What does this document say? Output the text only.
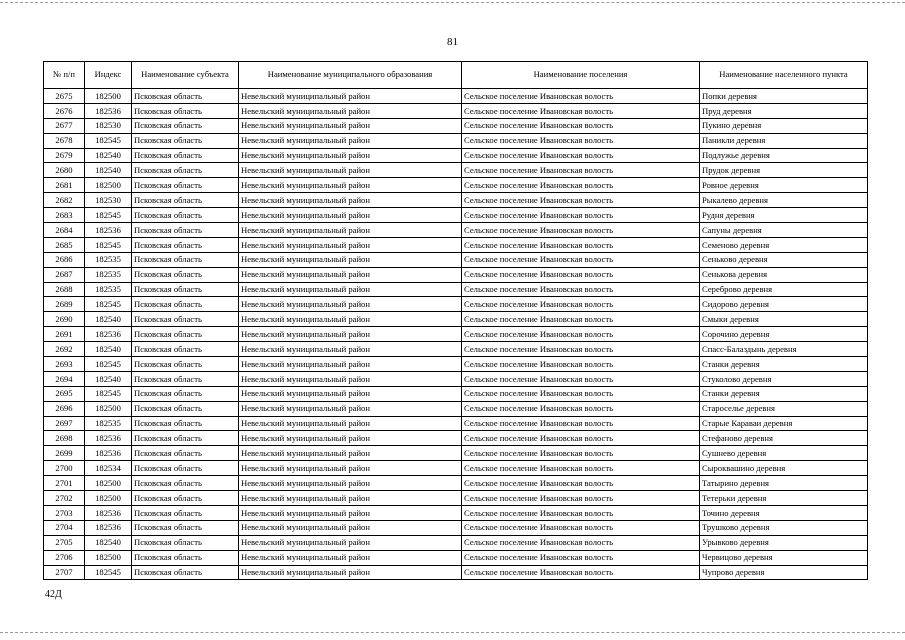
81
№ п/п	Индекс	Наименование субъекта	Наименование муниципального образования	Наименование поселения	Наименование населенного пункта
2675	182500	Псковская область	Невельский муниципальный район	Сельское поселение Ивановская волость	Попки деревня
2676	182536	Псковская область	Невельский муниципальный район	Сельское поселение Ивановская волость	Пруд деревня
2677	182530	Псковская область	Невельский муниципальный район	Сельское поселение Ивановская волость	Пукино деревня
2678	182545	Псковская область	Невельский муниципальный район	Сельское поселение Ивановская волость	Паникли деревня
2679	182540	Псковская область	Невельский муниципальный район	Сельское поселение Ивановская волость	Подлужье деревня
2680	182540	Псковская область	Невельский муниципальный район	Сельское поселение Ивановская волость	Прудок деревня
2681	182500	Псковская область	Невельский муниципальный район	Сельское поселение Ивановская волость	Ровное деревня
2682	182530	Псковская область	Невельский муниципальный район	Сельское поселение Ивановская волость	Рыкалево деревня
2683	182545	Псковская область	Невельский муниципальный район	Сельское поселение Ивановская волость	Рудня деревня
2684	182536	Псковская область	Невельский муниципальный район	Сельское поселение Ивановская волость	Сапуны деревня
2685	182545	Псковская область	Невельский муниципальный район	Сельское поселение Ивановская волость	Семеново деревня
2686	182535	Псковская область	Невельский муниципальный район	Сельское поселение Ивановская волость	Сеньково деревня
2687	182535	Псковская область	Невельский муниципальный район	Сельское поселение Ивановская волость	Сенькова деревня
2688	182535	Псковская область	Невельский муниципальный район	Сельское поселение Ивановская волость	Сереброво деревня
2689	182545	Псковская область	Невельский муниципальный район	Сельское поселение Ивановская волость	Сидорово деревня
2690	182540	Псковская область	Невельский муниципальный район	Сельское поселение Ивановская волость	Смыки деревня
2691	182536	Псковская область	Невельский муниципальный район	Сельское поселение Ивановская волость	Сорочино деревня
2692	182540	Псковская область	Невельский муниципальный район	Сельское поселение Ивановская волость	Спасс-Балаздынь деревня
2693	182545	Псковская область	Невельский муниципальный район	Сельское поселение Ивановская волость	Станки деревня
2694	182540	Псковская область	Невельский муниципальный район	Сельское поселение Ивановская волость	Стуколово деревня
2695	182545	Псковская область	Невельский муниципальный район	Сельское поселение Ивановская волость	Станки деревня
2696	182500	Псковская область	Невельский муниципальный район	Сельское поселение Ивановская волость	Староселье деревня
2697	182535	Псковская область	Невельский муниципальный район	Сельское поселение Ивановская волость	Старые Караваи деревня
2698	182536	Псковская область	Невельский муниципальный район	Сельское поселение Ивановская волость	Стефаново деревня
2699	182536	Псковская область	Невельский муниципальный район	Сельское поселение Ивановская волость	Сушнево деревня
2700	182534	Псковская область	Невельский муниципальный район	Сельское поселение Ивановская волость	Сыроквашино деревня
2701	182500	Псковская область	Невельский муниципальный район	Сельское поселение Ивановская волость	Татырино деревня
2702	182500	Псковская область	Невельский муниципальный район	Сельское поселение Ивановская волость	Тетерьки деревня
2703	182536	Псковская область	Невельский муниципальный район	Сельское поселение Ивановская волость	Точино деревня
2704	182536	Псковская область	Невельский муниципальный район	Сельское поселение Ивановская волость	Трушково деревня
2705	182540	Псковская область	Невельский муниципальный район	Сельское поселение Ивановская волость	Урывково деревня
2706	182500	Псковская область	Невельский муниципальный район	Сельское поселение Ивановская волость	Червицово деревня
2707	182545	Псковская область	Невельский муниципальный район	Сельское поселение Ивановская волость	Чупрово деревня
42Д
